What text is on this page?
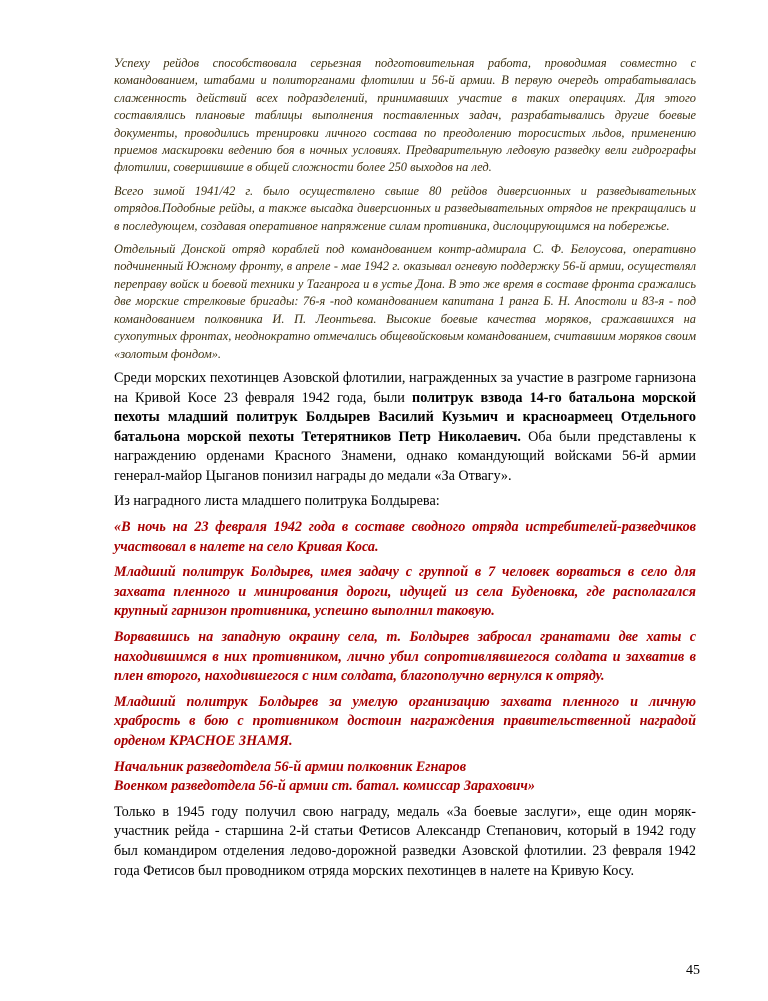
Успеху рейдов способствовала серьезная подготовительная работа, проводимая совместно с командованием, штабами и политорганами флотилии и 56-й армии. В первую очередь отрабатывалась слаженность действий всех подразделений, принимавших участие в таких операциях. Для этого составлялись плановые таблицы выполнения поставленных задач, разрабатывались другие боевые документы, проводились тренировки личного состава по преодолению торосистых льдов, применению приемов маскировки ведению боя в ночных условиях. Предварительную ледовую разведку вели гидрографы флотилии, совершившие в общей сложности более 250 выходов на лед.

Всего зимой 1941/42 г. было осуществлено свыше 80 рейдов диверсионных и разведывательных отрядов.Подобные рейды, а также высадка диверсионных и разведывательных отрядов не прекращались и в последующем, создавая оперативное напряжение силам противника, дислоцирующимся на побережье.

Отдельный Донской отряд кораблей под командованием контр-адмирала С. Ф. Белоусова, оперативно подчиненный Южному фронту, в апреле - мае 1942 г. оказывал огневую поддержку 56-й армии, осуществлял переправу войск и боевой техники у Таганрога и в устье Дона. В это же время в составе фронта сражались две морские стрелковые бригады: 76-я -под командованием капитана 1 ранга Б. Н. Апостоли и 83-я - под командованием полковника И. П. Леонтьева. Высокие боевые качества моряков, сражавшихся на сухопутных фронтах, неоднократно отмечались общевойсковым командованием, считавшим моряков своим «золотым фондом».

Среди морских пехотинцев Азовской флотилии, награжденных за участие в разгроме гарнизона на Кривой Косе 23 февраля 1942 года, были политрук взвода 14-го батальона морской пехоты младший политрук Болдырев Василий Кузьмич и красноармеец Отдельного батальона морской пехоты Тетерятников Петр Николаевич. Оба были представлены к награждению орденами Красного Знамени, однако командующий войсками 56-й армии генерал-майор Цыганов понизил награды до медали «За Отвагу».

Из наградного листа младшего политрука Болдырева:

«В ночь на 23 февраля 1942 года в составе сводного отряда истребителей-разведчиков участвовал в налете на село Кривая Коса.

Младший политрук Болдырев, имея задачу с группой в 7 человек ворваться в село для захвата пленного и минирования дороги, идущей из села Буденовка, где располагался крупный гарнизон противника, успешно выполнил таковую.

Ворвавшись на западную окраину села, т. Болдырев забросал гранатами две хаты с находившимся в них противником, лично убил сопротивлявшегося солдата и захватив в плен второго, находившегося с ним солдата, благополучно вернулся к отряду.

Младший политрук Болдырев за умелую организацию захвата пленного и личную храбрость в бою с противником достоин награждения правительственной наградой орденом КРАСНОЕ ЗНАМЯ.

Начальник разведотдела 56-й армии полковник Егнаров
Военком разведотдела 56-й армии ст. батал. комиссар Зарахович»

Только в 1945 году получил свою награду, медаль «За боевые заслуги», еще один моряк-участник рейда - старшина 2-й статьи Фетисов Александр Степанович, который в 1942 году был командиром отделения ледово-дорожной разведки Азовской флотилии. 23 февраля 1942 года Фетисов был проводником отряда морских пехотинцев в налете на Кривую Косу.

45
